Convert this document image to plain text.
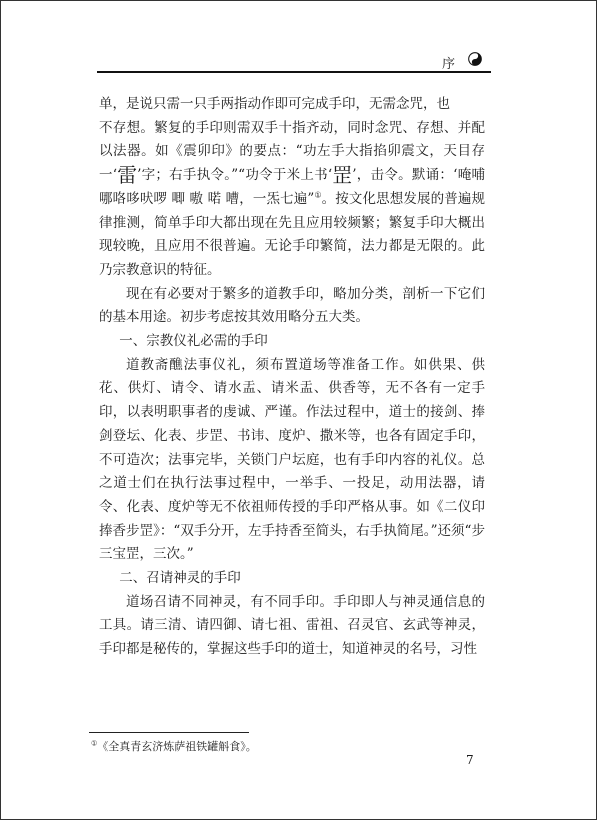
序

单，是说只需一只手两指动作即可完成手印，无需念咒，也

不存想。繁复的手印则需双手十指齐动，同时念咒、存想、并配以法器。如《震卯印》的要点：“功左手大指掐卯震文，天目存一‘雷’字；右手执令。”“功令于米上书‘罡’，击令。默诵：‘唵哺哪咯哆吠啰 唧 嗷 喏 嘈，一炁七遍”①。按文化思想发展的普遍规律推测，简单手印大都出现在先且应用较频繁；繁复手印大概出现较晚，且应用不很普遍。无论手印繁简，法力都是无限的。此乃宗教意识的特征。

现在有必要对于繁多的道教手印，略加分类，剖析一下它们的基本用途。初步考虑按其效用略分五大类。

一、宗教仪礼必需的手印

道教斋醮法事仪礼，须布置道场等准备工作。如供果、供花、供灯、请令、请水盂、请米盂、供香等，无不各有一定手印，以表明职事者的虔诚、严谨。作法过程中，道士的接剑、捧剑登坛、化表、步罡、书讳、度炉、撒米等，也各有固定手印，不可造次；法事完毕，关锁门户坛庭，也有手印内容的礼仪。总之道士们在执行法事过程中，一举手、一投足，动用法器，请令、化表、度炉等无不依祖师传授的手印严格从事。如《二仪印捧香步罡》：“双手分开，左手持香至简头，右手执简尾。”还须“步三宝罡，三次。”

二、召请神灵的手印

道场召请不同神灵，有不同手印。手印即人与神灵通信息的工具。请三清、请四御、请七祖、雷祖、召灵官、玄武等神灵，手印都是秘传的，掌握这些手印的道士，知道神灵的名号，习性

①《全真青玄济炼萨祖铁罐斛食》。
7
